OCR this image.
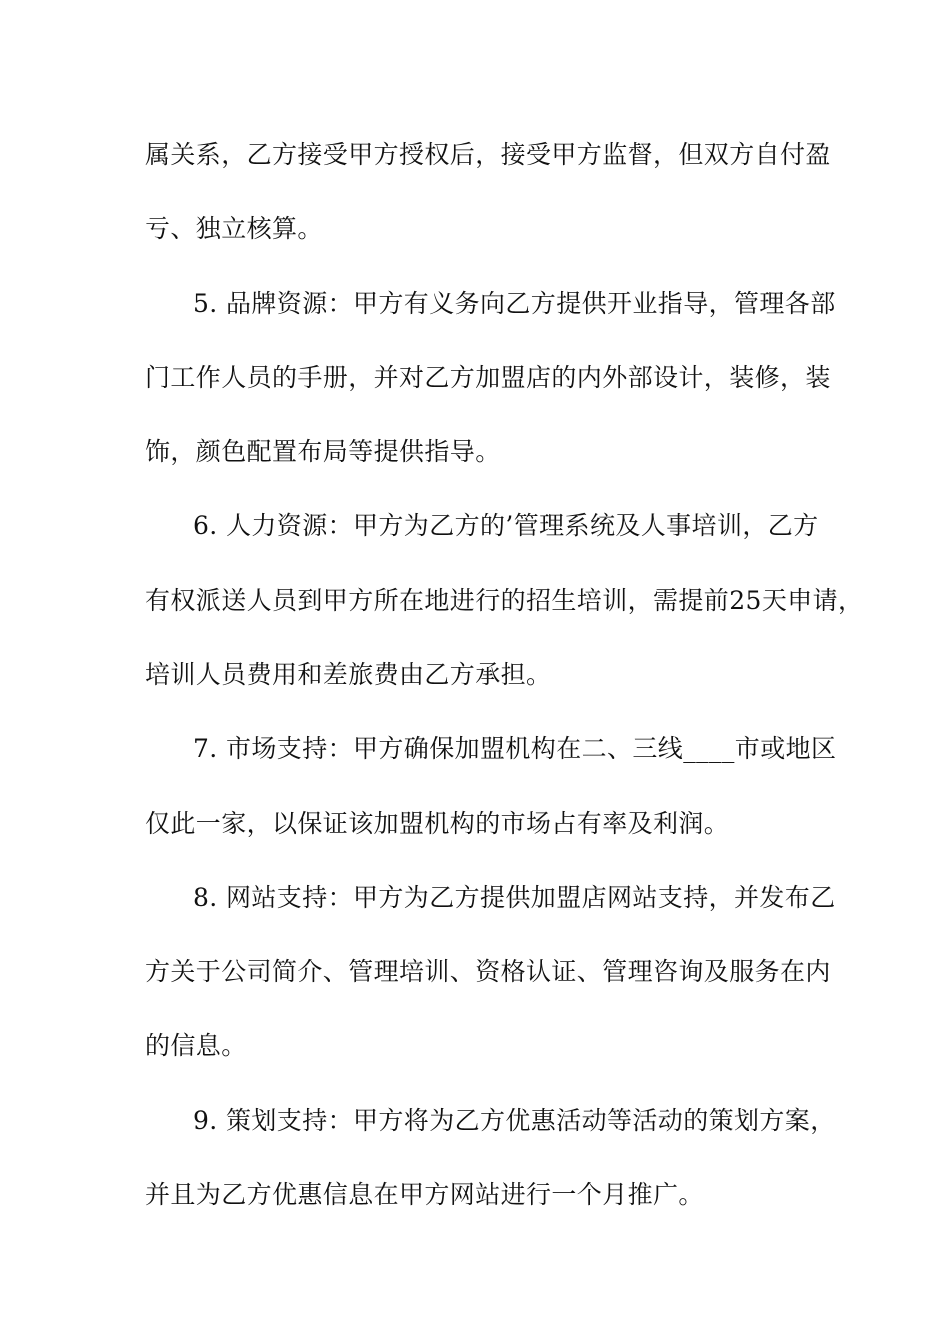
属关系，乙方接受甲方授权后，接受甲方监督，但双方自付盈
亏、独立核算。
5. 品牌资源：甲方有义务向乙方提供开业指导，管理各部
门工作人员的手册，并对乙方加盟店的内外部设计，装修，装
饰，颜色配置布局等提供指导。
6. 人力资源：甲方为乙方的’管理系统及人事培训，乙方
有权派送人员到甲方所在地进行的招生培训，需提前25天申请，
培训人员费用和差旅费由乙方承担。
7. 市场支持：甲方确保加盟机构在二、三线____市或地区
仅此一家，以保证该加盟机构的市场占有率及利润。
8. 网站支持：甲方为乙方提供加盟店网站支持，并发布乙
方关于公司简介、管理培训、资格认证、管理咨询及服务在内
的信息。
9. 策划支持：甲方将为乙方优惠活动等活动的策划方案，
并且为乙方优惠信息在甲方网站进行一个月推广。
